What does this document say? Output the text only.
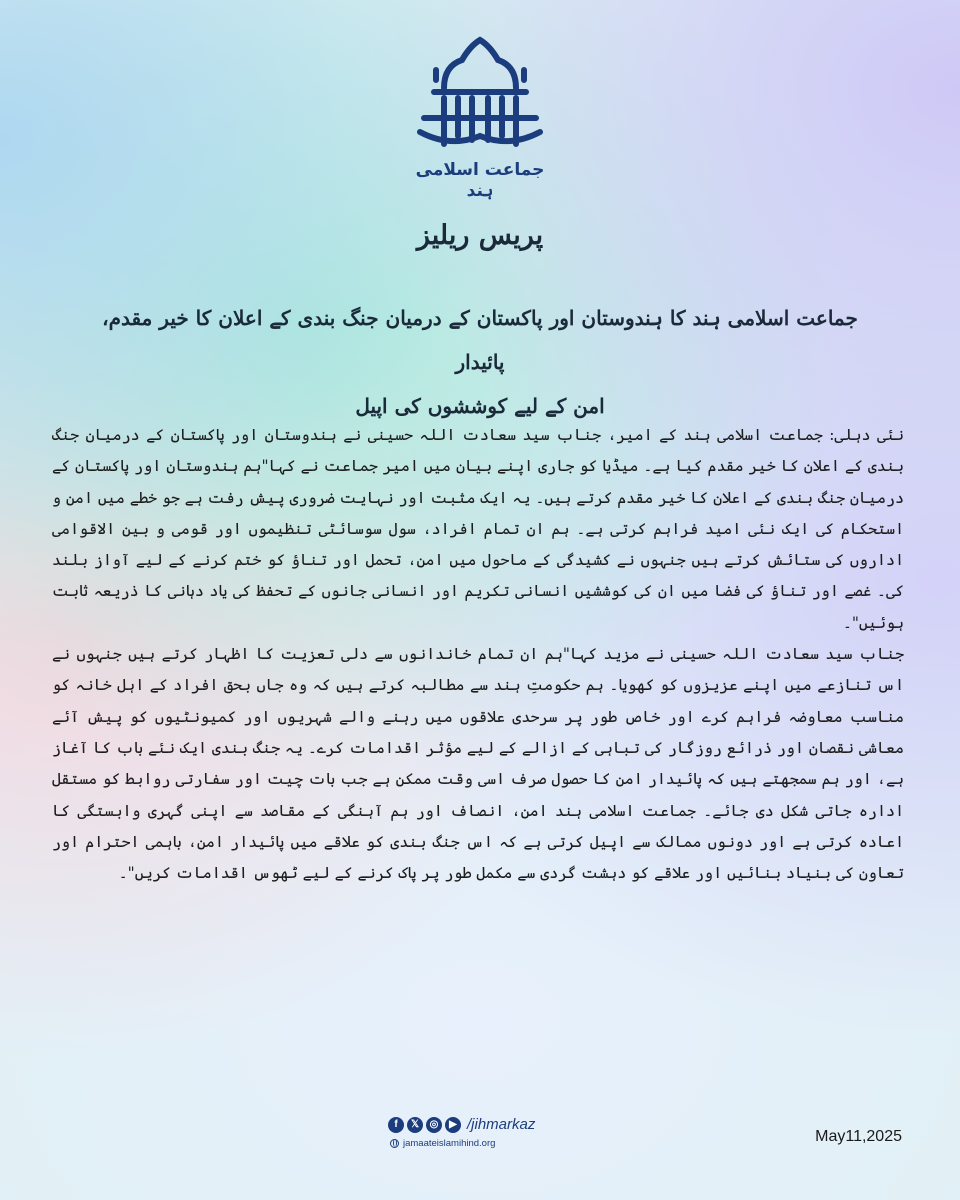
جماعت اسلامی ہند
پریس ریلیز
جماعت اسلامی ہند کا ہندوستان اور پاکستان کے درمیان جنگ بندی کے اعلان کا خیر مقدم، پائیدار
امن کے لیے کوششوں کی اپیل

نئی دہلی: جماعت اسلامی ہند کے امیر، جناب سید سعادت اللہ حسینی نے ہندوستان اور پاکستان کے درمیان جنگ بندی کے اعلان کا خیر مقدم کیا ہے۔ میڈیا کو جاری اپنے بیان میں امیر جماعت نے کہا"ہم ہندوستان اور پاکستان کے درمیان جنگ بندی کے اعلان کا خیر مقدم کرتے ہیں۔ یہ ایک مثبت اور نہایت ضروری پیش رفت ہے جو خطے میں امن و استحکام کی ایک نئی امید فراہم کرتی ہے۔ ہم ان تمام افراد، سول سوسائٹی تنظیموں اور قومی و بین الاقوامی اداروں کی ستائش کرتے ہیں جنہوں نے کشیدگی کے ماحول میں امن، تحمل اور تناؤ کو ختم کرنے کے لیے آواز بلند کی۔ غصے اور تناؤ کی فضا میں ان کی کوششیں انسانی تکریم اور انسانی جانوں کے تحفظ کی یاد دہانی کا ذریعہ ثابت ہوئیں"۔

جناب سید سعادت اللہ حسینی نے مزید کہا"ہم ان تمام خاندانوں سے دلی تعزیت کا اظہار کرتے ہیں جنہوں نے اس تنازعے میں اپنے عزیزوں کو کھویا۔ ہم حکومتِ ہند سے مطالبہ کرتے ہیں کہ وہ جاں بحق افراد کے اہل خانہ کو مناسب معاوضہ فراہم کرے اور خاص طور پر سرحدی علاقوں میں رہنے والے شہریوں اور کمیونٹیوں کو پیش آئے معاشی نقصان اور ذرائع روزگار کی تباہی کے ازالے کے لیے مؤثر اقدامات کرے۔ یہ جنگ بندی ایک نئے باب کا آغاز ہے، اور ہم سمجھتے ہیں کہ پائیدار امن کا حصول صرف اسی وقت ممکن ہے جب بات چیت اور سفارتی روابط کو مستقل ادارہ جاتی شکل دی جائے۔ جماعت اسلامی ہند امن، انصاف اور ہم آہنگی کے مقاصد سے اپنی گہری وابستگی کا اعادہ کرتی ہے اور دونوں ممالک سے اپیل کرتی ہے کہ اس جنگ بندی کو علاقے میں پائیدار امن، باہمی احترام اور تعاون کی بنیاد بنائیں اور علاقے کو دہشت گردی سے مکمل طور پر پاک کرنے کے لیے ٹھوس اقدامات کریں"۔

f	𝕏	◎	▶ /jihmarkaz
jamaateislamihind.org	May11,2025
